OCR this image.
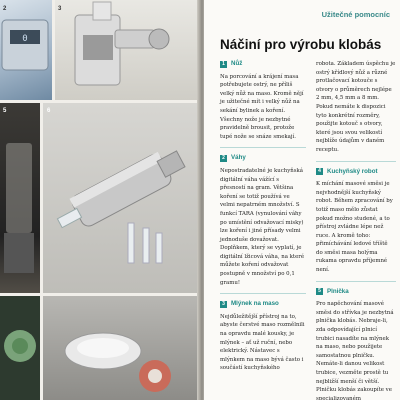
0
2	3
5	6
Užitečné pomocníc
Náčiní pro výrobu klobás
1 Nůž

Na porcování a krájení masa potřebujete ostrý, ne příliš velký nůž na maso. Kromě nějí je užitečné mít i velký nůž na sekání bylinek a koření. Všechny nože je nezbytné pravidelně brousit, protože tupé nože se snáze smekají.

2 Váhy

Nepostradatelné je kuchyňská digitální váha vážící s přesností na gram. Většina koření se totiž používá ve velmi nepatrném množství. S funkcí TARA (vynulování váhy po umístění odvažovací misky) lze koření i jiné přísady velmi jednoduše dovažovat. Doplňkem, který se vyplatí, je digitální lžicová váha, na které můžete koření odvažovat postupně v množství po 0,1 gramu!

3 Mlýnek na maso

Nejdůležitější přístroj na to, abyste čerstvé maso rozmělnili na opravdu malé kousky, je mlýnek – ať už ruční, nebo elektrický. Nástavec s mlýnkem na maso bývá často i součástí kuchyňského

robota. Základem úspěchu je ostrý křídlový nůž a různé protlačovací kotouče s otvory o průměrech nejlépe 2 mm, 4,5 mm a 8 mm. Pokud nemáte k dispozici tyto konkrétní rozměry, použijte kotouč s otvory, které jsou svou velikostí nejblíže údajům v daném receptu.

4 Kuchyňský robot

K míchání masové směsi je nejvhodnější kuchyňský robot. Během zpracování by totiž maso mělo zůstat pokud možno studené, a to přístroj zvládne lépe než ruce. A kromě toho: přimíchávání ledové tříště do směsi masa holýma rukama opravdu příjemné není.

5 Plnička

Pro napěchování masové směsi do střívka je nezbytná plnička klobás. Nebraje-li, zda odpovídající plnicí trubici nasadíte na mlýnek na maso, nebo použijete samostatnou plničku. Nemáte-li danou velikost trubice, vezměte prostě tu nejbližší menší či větší. Plničku klobás zakoupíte ve specializovaném
